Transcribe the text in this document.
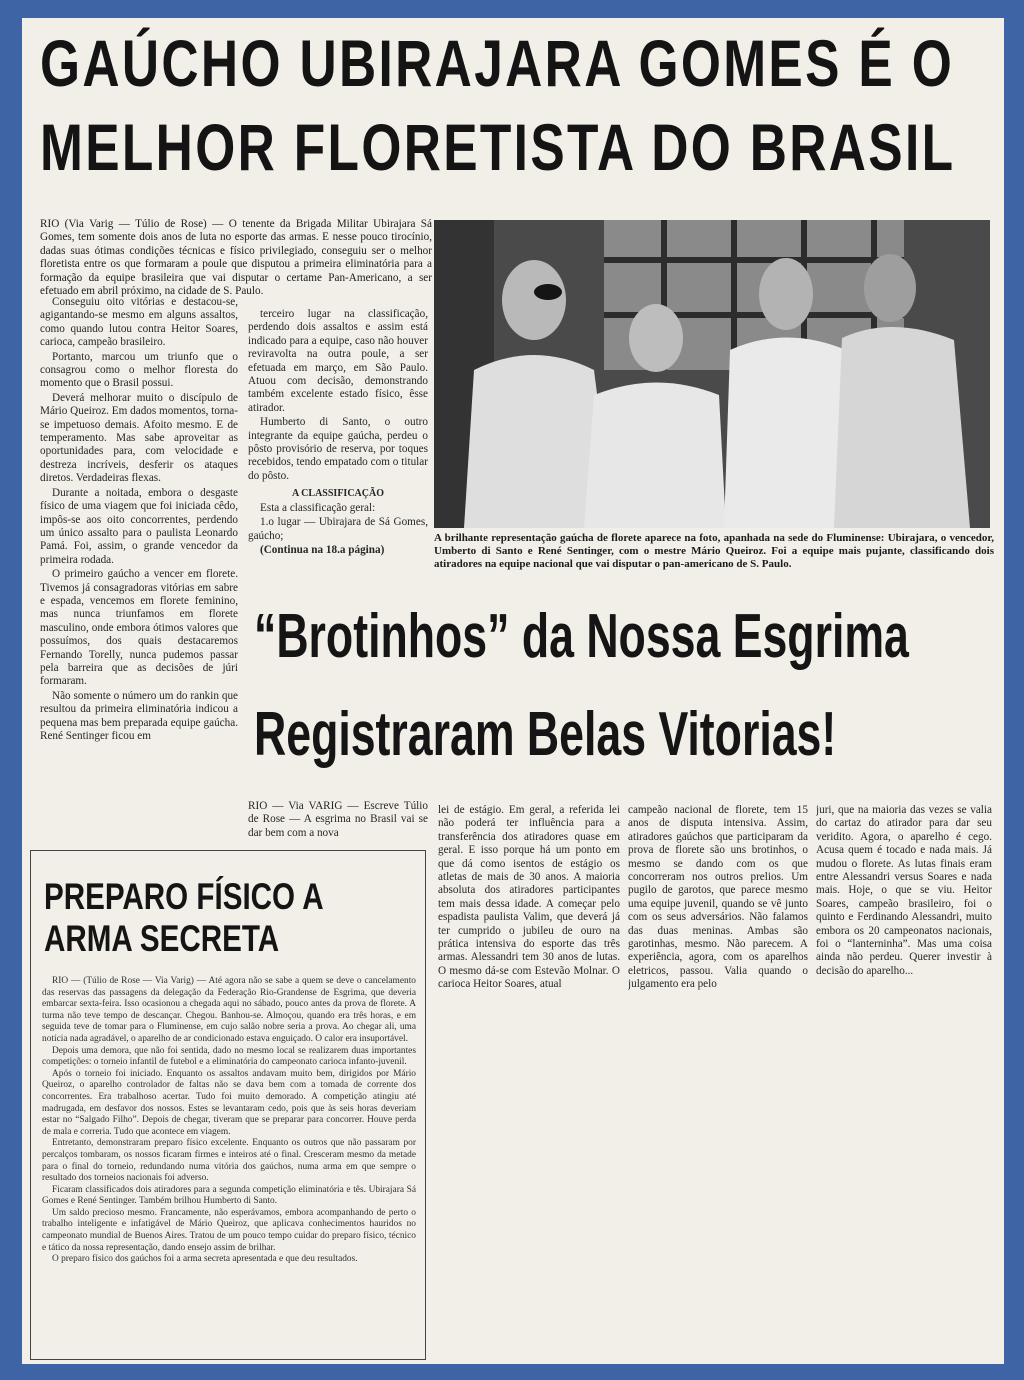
GAÚCHO UBIRAJARA GOMES É O
MELHOR FLORETISTA DO BRASIL
RIO (Via Varig — Túlio de Rose) — O tenente da Brigada Militar Ubirajara Sá Gomes, tem somente dois anos de luta no esporte das armas. E nesse pouco tirocínio, dadas suas ótimas condições técnicas e físico privilegiado, conseguiu ser o melhor floretista entre os que formaram a poule que disputou a primeira eliminatória para a formação da equipe brasileira que vai disputar o certame Pan-Americano, a ser efetuado em abril próximo, na cidade de S. Paulo.

Conseguiu oito vitórias e destacou-se, agigantando-se mesmo em alguns assaltos, como quando lutou contra Heitor Soares, carioca, campeão brasileiro.

Portanto, marcou um triunfo que o consagrou como o melhor floresta do momento que o Brasil possui.

Deverá melhorar muito o discípulo de Mário Queiroz. Em dados momentos, torna-se impetuoso demais. Afoito mesmo. E de temperamento. Mas sabe aproveitar as oportunidades para, com velocidade e destreza incríveis, desferir os ataques diretos. Verdadeiras flexas.

Durante a noitada, embora o desgaste físico de uma viagem que foi iniciada cêdo, impôs-se aos oito concorrentes, perdendo um único assalto para o paulista Leonardo Pamá. Foi, assim, o grande vencedor da primeira rodada.

O primeiro gaúcho a vencer em florete. Tivemos já consagradoras vitórias em sabre e espada, vencemos em florete feminino, mas nunca triunfamos em florete masculino, onde embora ótimos valores que possuímos, dos quais destacaremos Fernando Torelly, nunca pudemos passar pela barreira que as decisões de júri formaram.

Não somente o número um do rankin que resultou da primeira eliminatória indicou a pequena mas bem preparada equipe gaúcha. René Sentinger ficou em

terceiro lugar na classificação, perdendo dois assaltos e assim está indicado para a equipe, caso não houver reviravolta na outra poule, a ser efetuada em março, em São Paulo. Atuou com decisão, demonstrando também excelente estado físico, êsse atirador.

Humberto di Santo, o outro integrante da equipe gaúcha, perdeu o pôsto provisório de reserva, por toques recebidos, tendo empatado com o titular do pôsto.

A CLASSIFICAÇÃO

Esta a classificação geral:

1.o lugar — Ubirajara de Sá Gomes, gaúcho;

(Continua na 18.a página)

A brilhante representação gaúcha de florete aparece na foto, apanhada na sede do Fluminense: Ubirajara, o vencedor, Umberto di Santo e René Sentinger, com o mestre Mário Queiroz. Foi a equipe mais pujante, classificando dois atiradores na equipe nacional que vai disputar o pan-americano de S. Paulo.
“Brotinhos” da Nossa Esgrima
Registraram Belas Vitorias!
RIO — Via VARIG — Escreve Túlio de Rose — A esgrima no Brasil vai se dar bem com a nova
lei de estágio. Em geral, a referida lei não poderá ter influência para a transferência dos atiradores quase em geral. E isso porque há um ponto em que dá como isentos de estágio os atletas de mais de 30 anos. A maioria absoluta dos atiradores participantes tem mais dessa idade. A começar pelo espadista paulista Valim, que deverá já ter cumprido o jubileu de ouro na prática intensiva do esporte das três armas. Alessandri tem 30 anos de lutas. O mesmo dá-se com Estevão Molnar. O carioca Heitor Soares, atual
campeão nacional de florete, tem 15 anos de disputa intensiva. Assim, atiradores gaúchos que participaram da prova de florete são uns brotinhos, o mesmo se dando com os que concorreram nos outros prelios. Um pugilo de garotos, que parece mesmo uma equipe juvenil, quando se vê junto com os seus adversários. Não falamos das duas meninas. Ambas são garotinhas, mesmo. Não parecem. A experiência, agora, com os aparelhos eletricos, passou. Valia quando o julgamento era pelo
juri, que na maioria das vezes se valia do cartaz do atirador para dar seu veridito. Agora, o aparelho é cego. Acusa quem é tocado e nada mais. Já mudou o florete. As lutas finais eram entre Alessandri versus Soares e nada mais. Hoje, o que se viu. Heitor Soares, campeão brasileiro, foi o quinto e Ferdinando Alessandri, muito embora os 20 campeonatos nacionais, foi o “lanterninha”. Mas uma coisa ainda não perdeu. Querer investir à decisão do aparelho...
PREPARO FÍSICO A ARMA SECRETA

RIO — (Túlio de Rose — Via Varig) — Até agora não se sabe a quem se deve o cancelamento das reservas das passagens da delegação da Federação Rio-Grandense de Esgrima, que deveria embarcar sexta-feira. Isso ocasionou a chegada aqui no sábado, pouco antes da prova de florete. A turma não teve tempo de descançar. Chegou. Banhou-se. Almoçou, quando era três horas, e em seguida teve de tomar para o Fluminense, em cujo salão nobre seria a prova. Ao chegar ali, uma notícia nada agradável, o aparelho de ar condicionado estava enguiçado. O calor era insuportável.

Depois uma demora, que não foi sentida, dado no mesmo local se realizarem duas importantes competições: o torneio infantil de futebol e a eliminatória do campeonato carioca infanto-juvenil.

Após o torneio foi iniciado. Enquanto os assaltos andavam muito bem, dirigidos por Mário Queiroz, o aparelho controlador de faltas não se dava bem com a tomada de corrente dos concorrentes. Era trabalhoso acertar. Tudo foi muito demorado. A competição atingiu até madrugada, em desfavor dos nossos. Estes se levantaram cedo, pois que às seis horas deveriam estar no “Salgado Filho”. Depois de chegar, tiveram que se preparar para concorrer. Houve perda de mala e correria. Tudo que acontece em viagem.

Entretanto, demonstraram preparo físico excelente. Enquanto os outros que não passaram por percalços tombaram, os nossos ficaram firmes e inteiros até o final. Cresceram mesmo da metade para o final do torneio, redundando numa vitória dos gaúchos, numa arma em que sempre o resultado dos torneios nacionais foi adverso.

Ficaram classificados dois atiradores para a segunda competição eliminatória e tês. Ubirajara Sá Gomes e René Sentinger. Também brilhou Humberto di Santo.

Um saldo precioso mesmo. Francamente, não esperávamos, embora acompanhando de perto o trabalho inteligente e infatigável de Mário Queiroz, que aplicava conhecimentos hauridos no campeonato mundial de Buenos Aires. Tratou de um pouco tempo cuidar do preparo físico, técnico e tático da nossa representação, dando ensejo assim de brilhar.

O preparo físico dos gaúchos foi a arma secreta apresentada e que deu resultados.
